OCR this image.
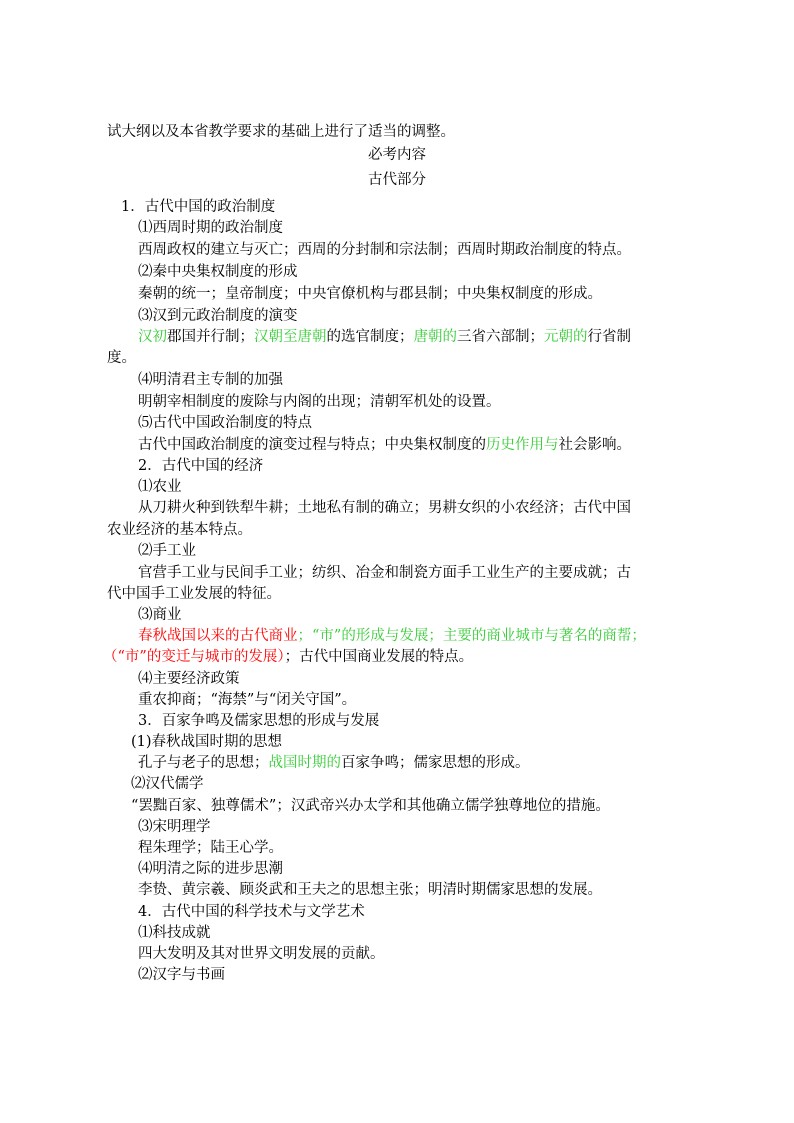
试大纲以及本省教学要求的基础上进行了适当的调整。
必考内容
古代部分
1．古代中国的政治制度
⑴西周时期的政治制度
西周政权的建立与灭亡；西周的分封制和宗法制；西周时期政治制度的特点。
⑵秦中央集权制度的形成
秦朝的统一；皇帝制度；中央官僚机构与郡县制；中央集权制度的形成。
⑶汉到元政治制度的演变
汉初郡国并行制；汉朝至唐朝的选官制度；唐朝的三省六部制；元朝的行省制
度。
⑷明清君主专制的加强
明朝宰相制度的废除与内阁的出现；清朝军机处的设置。
⑸古代中国政治制度的特点
古代中国政治制度的演变过程与特点；中央集权制度的历史作用与社会影响。
2．古代中国的经济
⑴农业
从刀耕火种到铁犁牛耕；土地私有制的确立；男耕女织的小农经济；古代中国
农业经济的基本特点。
⑵手工业
官营手工业与民间手工业；纺织、冶金和制瓷方面手工业生产的主要成就；古
代中国手工业发展的特征。
⑶商业
春秋战国以来的古代商业；“市”的形成与发展；主要的商业城市与著名的商帮；
（“市”的变迁与城市的发展）；古代中国商业发展的特点。
⑷主要经济政策
重农抑商；“海禁”与“闭关守国”。
3．百家争鸣及儒家思想的形成与发展
(1)春秋战国时期的思想
孔子与老子的思想；战国时期的百家争鸣；儒家思想的形成。
⑵汉代儒学
“罢黜百家、独尊儒术”；汉武帝兴办太学和其他确立儒学独尊地位的措施。
⑶宋明理学
程朱理学；陆王心学。
⑷明清之际的进步思潮
李贽、黄宗羲、顾炎武和王夫之的思想主张；明清时期儒家思想的发展。
4．古代中国的科学技术与文学艺术
⑴科技成就
四大发明及其对世界文明发展的贡献。
⑵汉字与书画
